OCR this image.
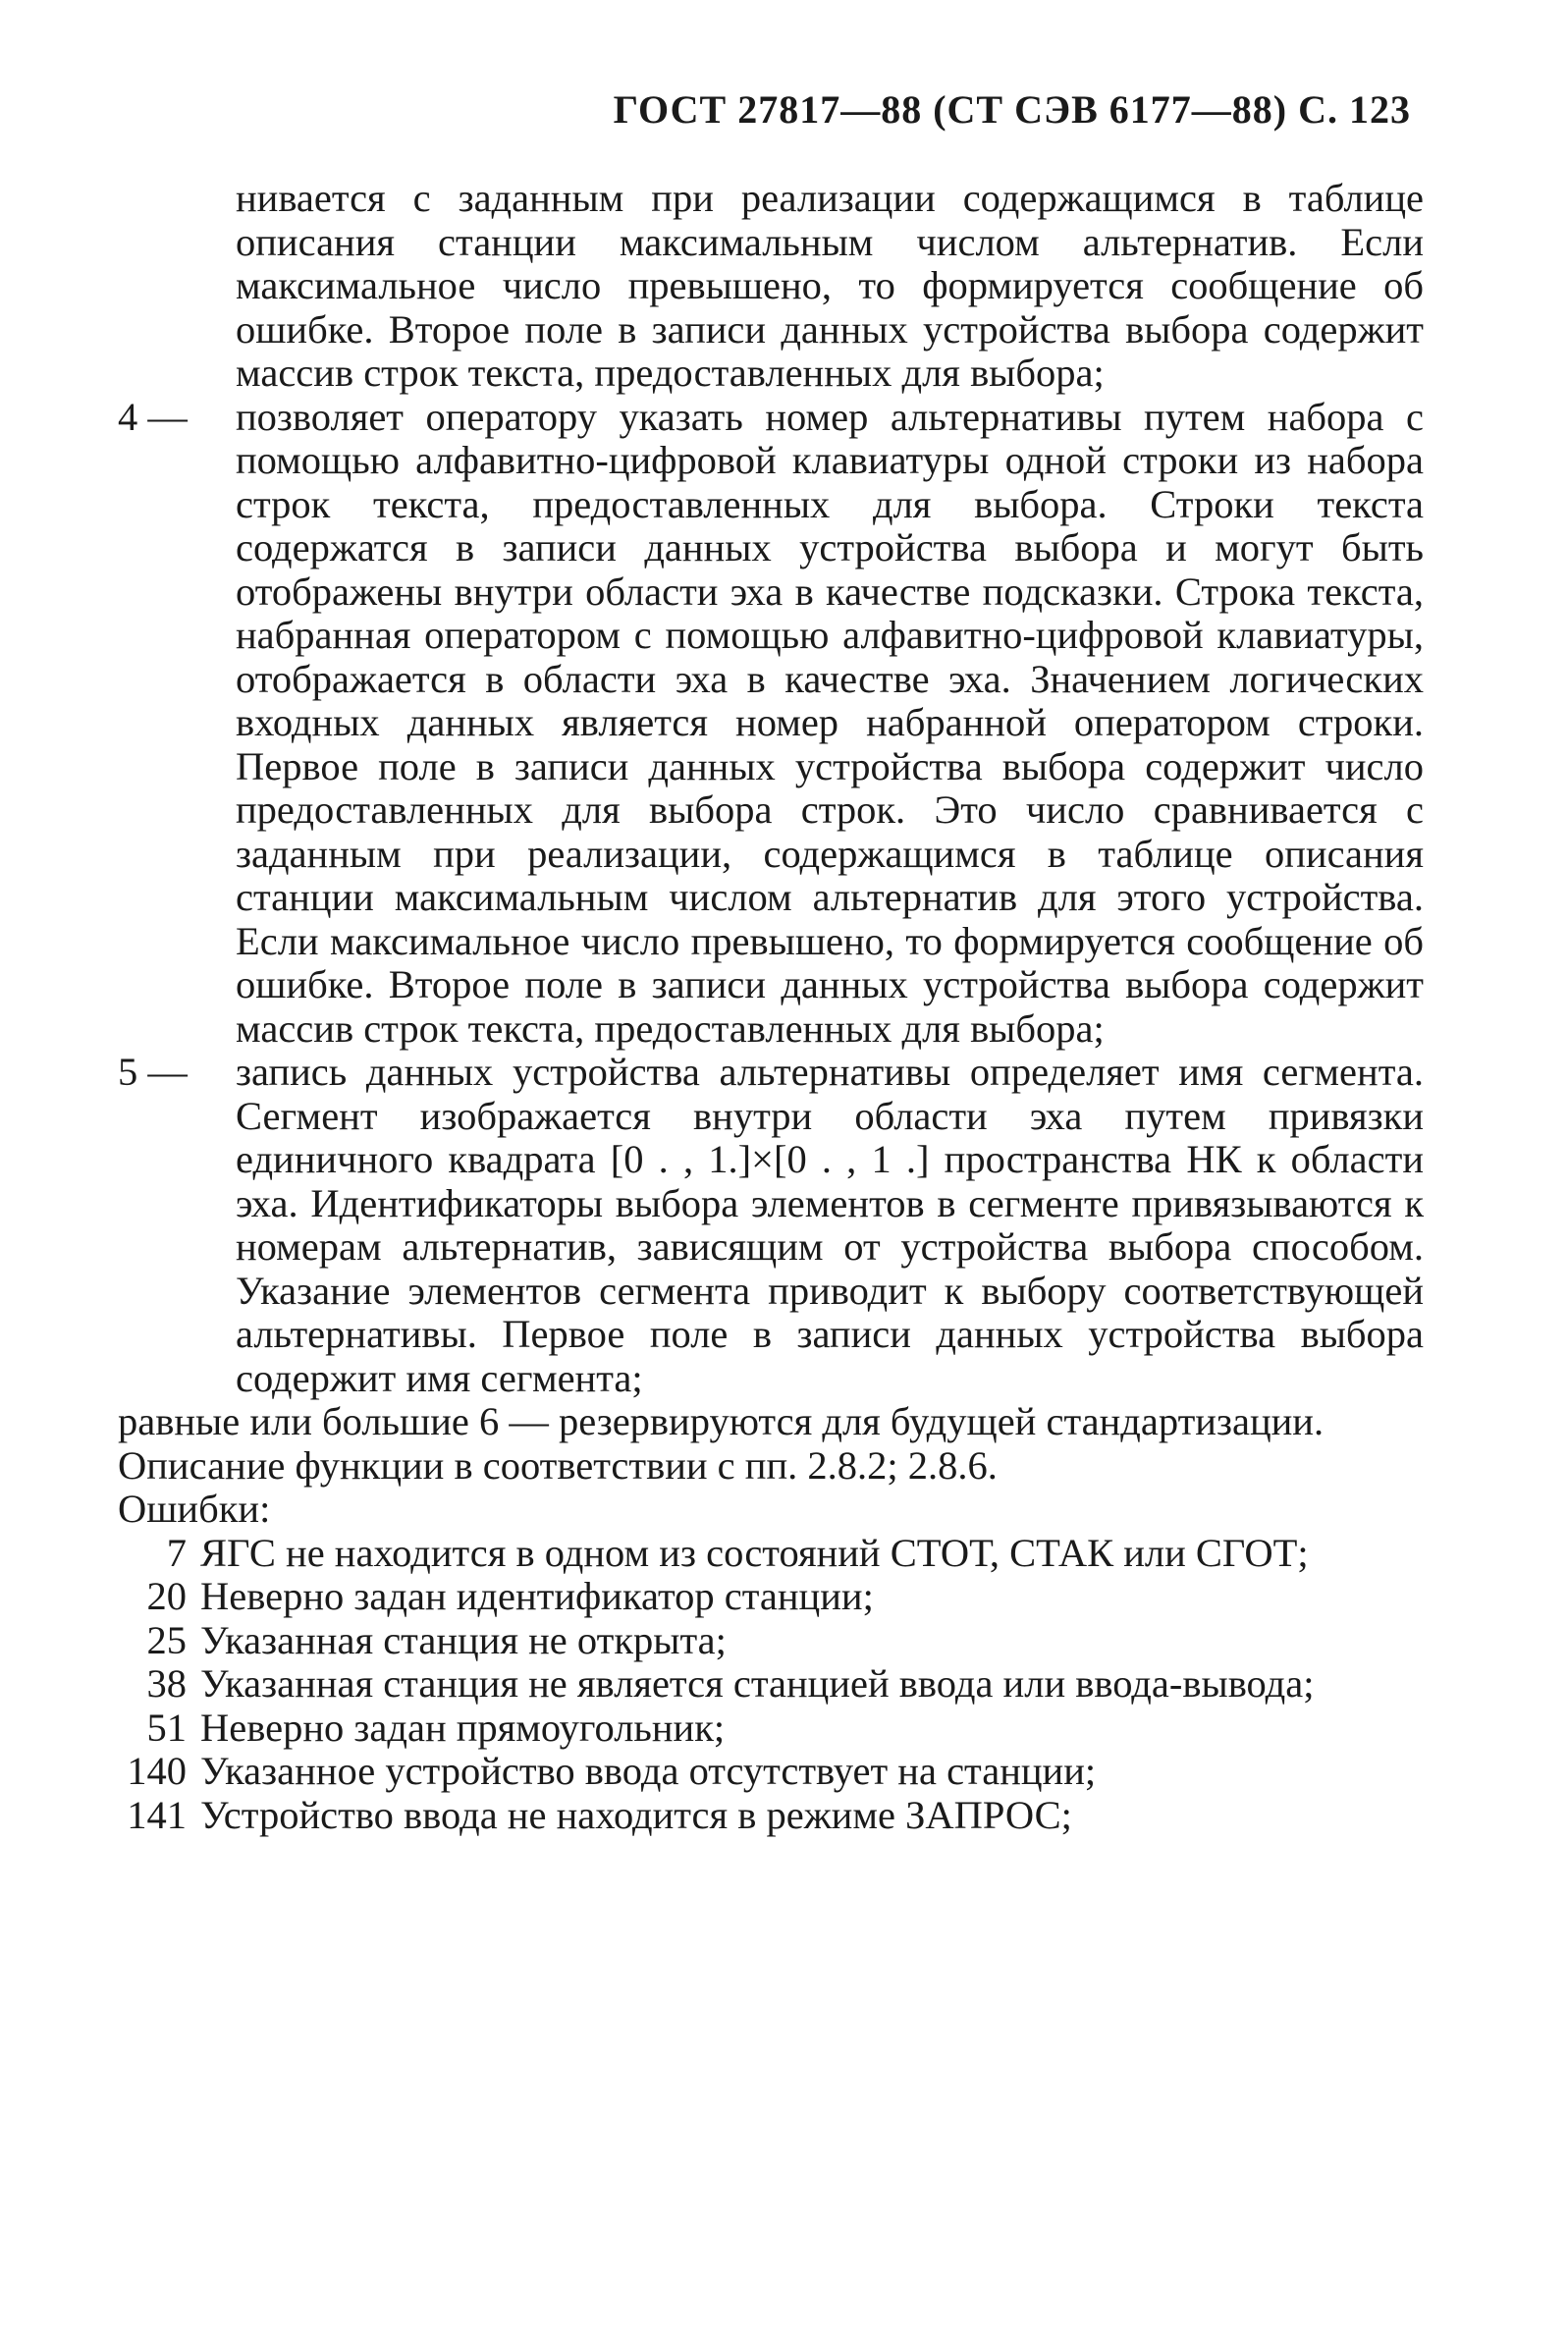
ГОСТ 27817—88 (СТ СЭВ 6177—88) С. 123
нивается с заданным при реализации содержащимся в таблице описания станции максимальным числом альтернатив. Если максимальное число превышено, то формируется сообщение об ошибке. Второе поле в записи данных устройства выбора содержит массив строк текста, предоставленных для выбора;
4 —	позволяет оператору указать номер альтернативы путем набора с помощью алфавитно-цифровой клавиатуры одной строки из набора строк текста, предоставленных для выбора. Строки текста содержатся в записи данных устройства выбора и могут быть отображены внутри области эха в качестве подсказки. Строка текста, набранная оператором с помощью алфавитно-цифровой клавиатуры, отображается в области эха в качестве эха. Значением логических входных данных является номер набранной оператором строки. Первое поле в записи данных устройства выбора содержит число предоставленных для выбора строк. Это число сравнивается с заданным при реализации, содержащимся в таблице описания станции максимальным числом альтернатив для этого устройства. Если максимальное число превышено, то формируется сообщение об ошибке. Второе поле в записи данных устройства выбора содержит массив строк текста, предоставленных для выбора;
5 —	запись данных устройства альтернативы определяет имя сегмента. Сегмент изображается внутри области эха путем привязки единичного квадрата [0 . , 1.]×[0 . , 1 .] пространства НК к области эха. Идентификаторы выбора элементов в сегменте привязываются к номерам альтернатив, зависящим от устройства выбора способом. Указание элементов сегмента приводит к выбору соответствующей альтернативы. Первое поле в записи данных устройства выбора содержит имя сегмента;
равные или большие 6 — резервируются для будущей стандартизации.
Описание функции в соответствии с пп. 2.8.2; 2.8.6.
Ошибки:
7 ЯГС не находится в одном из состояний СТОТ, СТАК или СГОТ;
20 Неверно задан идентификатор станции;
25 Указанная станция не открыта;
38 Указанная станция не является станцией ввода или ввода-вывода;
51 Неверно задан прямоугольник;
140 Указанное устройство ввода отсутствует на станции;
141 Устройство ввода не находится в режиме ЗАПРОС;
